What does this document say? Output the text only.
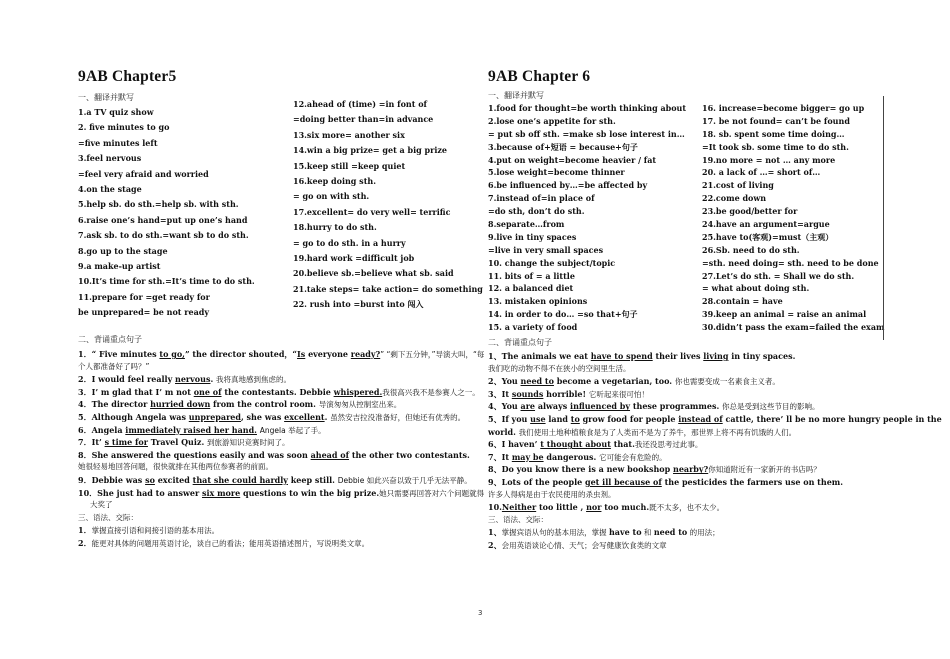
9AB Chapter5
一、翻译并默写
1.a TV quiz show
2. five minutes to go
=five minutes left
3.feel nervous
=feel very afraid and worried
4.on the stage
5.help sb. do sth.=help sb. with sth.
6.raise one’s hand=put up one’s hand
7.ask sb. to do sth.=want sb to do sth.
8.go up to the stage
9.a make-up artist
10.It’s time for sth.=It’s time to do sth.
11.prepare for =get ready for
be unprepared= be not ready
12.ahead of (time) =in font of
=doing better than=in advance
13.six more= another six
14.win a big prize= get a big prize
15.keep still =keep quiet
16.keep doing sth.
= go on with sth.
17.excellent= do very well= terrific
18.hurry to do sth.
= go to do sth. in a hurry
19.hard work =difficult job
20.believe sb.=believe what sb. said
21.take steps= take action= do something
22. rush into =burst into 闯入
二、背诵重点句子
1．“ Five minutes to go,” the director shouted，“Is everyone ready?” “剩下五分钟，”导演大叫，“每
个人都准备好了吗？”
2．I would feel really nervous. 我将真地感到焦虑的。
3．I’ m glad that I’ m not one of the contestants. Debbie whispered.我很高兴我不是参赛人之一。
4．The director hurried down from the control room. 导演匆匆从控制室出来。
5．Although Angela was unprepared, she was excellent. 虽然安吉拉没准备好，但她还有优秀的。
6．Angela immediately raised her hand. Angela 举起了手。
7．It’ s time for Travel Quiz. 到旅游知识竞赛时间了。
8．She answered the questions easily and was soon ahead of the other two contestants.
她很轻易地回答问题，很快就排在其他两位参赛者的前面。
9．Debbie was so excited that she could hardly keep still. Debbie 如此兴奋以致于几乎无法平静。
10．She just had to answer six more questions to win the big prize.她只需要再回答对六个问题就得
大奖了
三、语法、交际：
1．掌握直接引语和间接引语的基本用法。
2．能更对具体的问题用英语讨论，谈自己的看法；能用英语描述图片，写说明类文章。
9AB Chapter 6
一、翻译并默写
1.food for thought=be worth thinking about
2.lose one’s appetite for sth.
= put sb off sth. =make sb lose interest in…
3.because of+短语 = because+句子
4.put on weight=become heavier / fat
5.lose weight=become thinner
6.be influenced by…=be affected by
7.instead of=in place of
=do sth, don’t do sth.
8.separate…from
9.live in tiny spaces
=live in very small spaces
10. change the subject/topic
11. bits of = a little
12. a balanced diet
13. mistaken opinions
14. in order to do… =so that+句子
15. a variety of food
16. increase=become bigger= go up
17. be not found= can’t be found
18. sb. spent some time doing…
=It took sb. some time to do sth.
19.no more = not … any more
20. a lack of …= short of…
21.cost of living
22.come down
23.be good/better for
24.have an argument=argue
25.have to(客观)=must（主观）
26.Sb. need to do sth.
=sth. need doing= sth. need to be done
27.Let’s do sth. = Shall we do sth.
= what about doing sth.
28.contain = have
39.keep an animal = raise an animal
30.didn’t pass the exam=failed the exam
二、背诵重点句子
1、The animals we eat have to spend their lives living in tiny spaces.
我们吃的动物不得不在狭小的空间里生活。
2、You need to become a vegetarian, too. 你也需要变成一名素食主义者。
3、It sounds horrible! 它听起来很可怕！
4、You are always influenced by these programmes. 你总是受到这些节目的影响。
5、If you use land to grow food for people instead of cattle, there’ ll be no more hungry people in the
world. 我们使用土地种植粮食是为了人类而不是为了养牛，那世界上将不再有饥饿的人们。
6、I haven’ t thought about that.我还没思考过此事。
7、It may be dangerous. 它可能会有危险的。
8、Do you know there is a new bookshop nearby?你知道附近有一家新开的书店吗？
9、Lots of the people get ill because of the pesticides the farmers use on them.
许多人得病是由于农民使用的杀虫剂。
10.Neither too little , nor too much.既不太多，也不太少。
三、语法、交际：
1、掌握宾语从句的基本用法，掌握 have to 和 need to 的用法；
2、会用英语谈论心情、天气；会写健康饮食类的文章
3
